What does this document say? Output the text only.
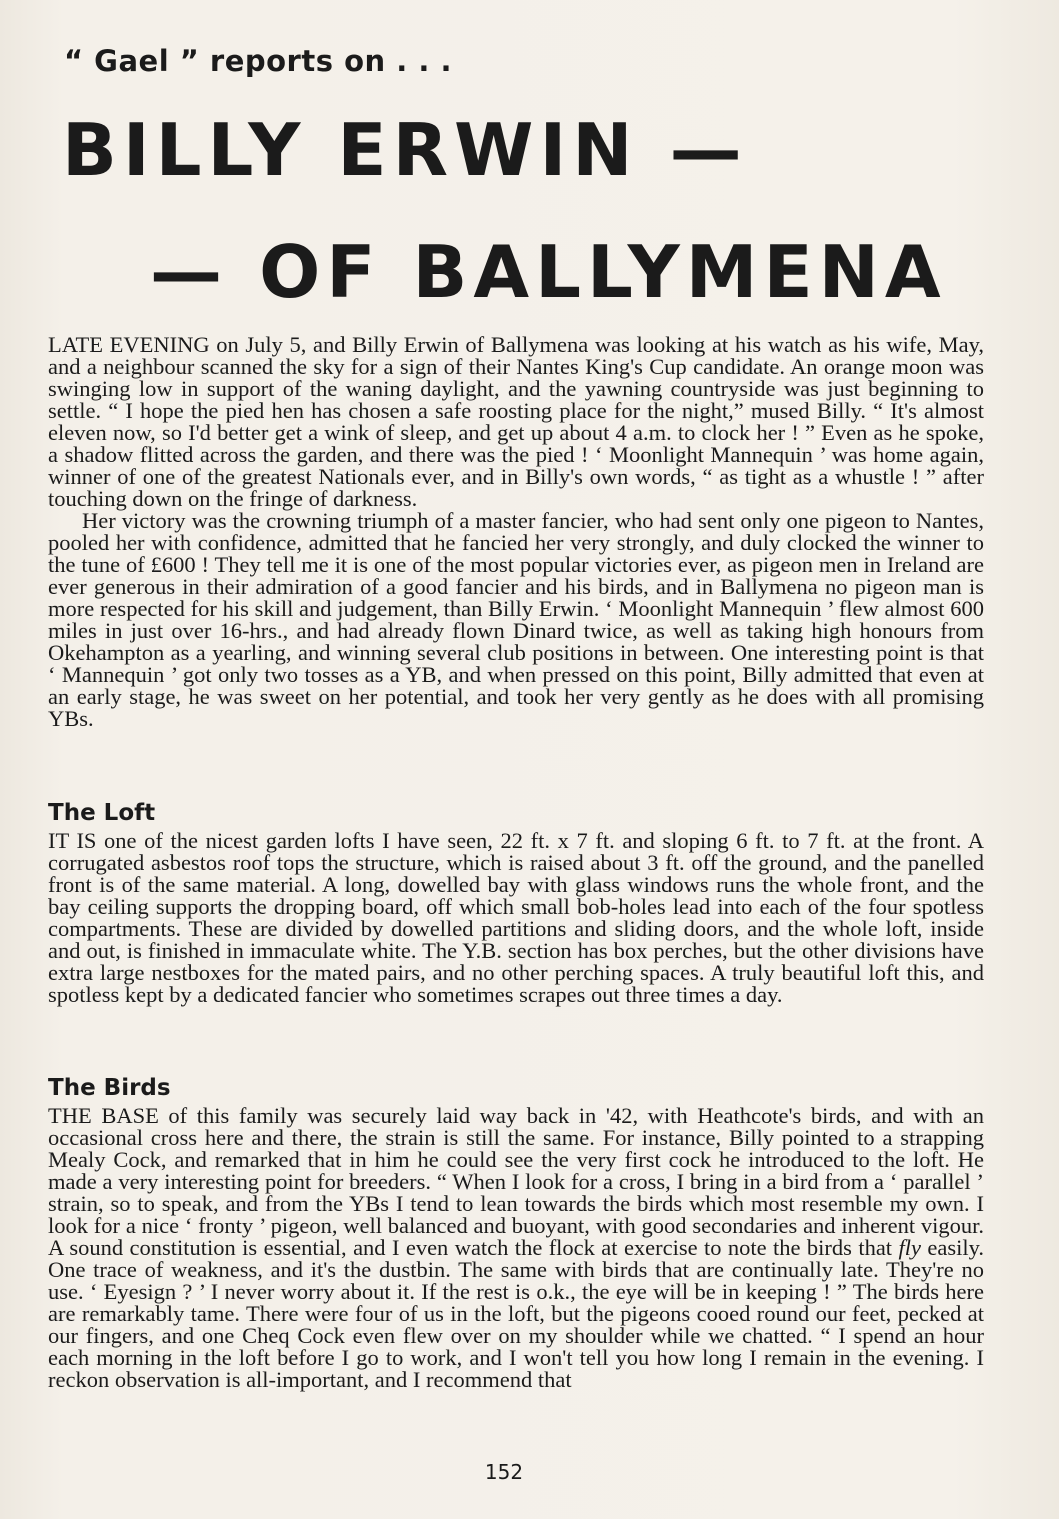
“ Gael ” reports on . . .
BILLY ERWIN —
— OF BALLYMENA

LATE EVENING on July 5, and Billy Erwin of Ballymena was looking at his watch as his wife, May, and a neighbour scanned the sky for a sign of their Nantes King's Cup candidate. An orange moon was swinging low in support of the waning daylight, and the yawning countryside was just beginning to settle. “ I hope the pied hen has chosen a safe roosting place for the night,” mused Billy. “ It's almost eleven now, so I'd better get a wink of sleep, and get up about 4 a.m. to clock her ! ” Even as he spoke, a shadow flitted across the garden, and there was the pied ! ‘ Moonlight Mannequin ’ was home again, winner of one of the greatest Nationals ever, and in Billy's own words, “ as tight as a whustle ! ” after touching down on the fringe of darkness.

Her victory was the crowning triumph of a master fancier, who had sent only one pigeon to Nantes, pooled her with confidence, admitted that he fancied her very strongly, and duly clocked the winner to the tune of £600 ! They tell me it is one of the most popular victories ever, as pigeon men in Ireland are ever generous in their admiration of a good fancier and his birds, and in Ballymena no pigeon man is more respected for his skill and judgement, than Billy Erwin. ‘ Moonlight Mannequin ’ flew almost 600 miles in just over 16-hrs., and had already flown Dinard twice, as well as taking high honours from Okehampton as a yearling, and winning several club positions in between. One interesting point is that ‘ Mannequin ’ got only two tosses as a YB, and when pressed on this point, Billy admitted that even at an early stage, he was sweet on her potential, and took her very gently as he does with all promising YBs.

The Loft

IT IS one of the nicest garden lofts I have seen, 22 ft. x 7 ft. and sloping 6 ft. to 7 ft. at the front. A corrugated asbestos roof tops the structure, which is raised about 3 ft. off the ground, and the panelled front is of the same material. A long, dowelled bay with glass windows runs the whole front, and the bay ceiling supports the dropping board, off which small bob-holes lead into each of the four spotless compartments. These are divided by dowelled partitions and sliding doors, and the whole loft, inside and out, is finished in immaculate white. The Y.B. section has box perches, but the other divisions have extra large nestboxes for the mated pairs, and no other perching spaces. A truly beautiful loft this, and spotless kept by a dedicated fancier who sometimes scrapes out three times a day.

The Birds

THE BASE of this family was securely laid way back in '42, with Heathcote's birds, and with an occasional cross here and there, the strain is still the same. For instance, Billy pointed to a strapping Mealy Cock, and remarked that in him he could see the very first cock he introduced to the loft. He made a very interesting point for breeders. “ When I look for a cross, I bring in a bird from a ‘ parallel ’ strain, so to speak, and from the YBs I tend to lean towards the birds which most resemble my own. I look for a nice ‘ fronty ’ pigeon, well balanced and buoyant, with good secondaries and inherent vigour. A sound constitution is essential, and I even watch the flock at exercise to note the birds that fly easily. One trace of weakness, and it's the dustbin. The same with birds that are continually late. They're no use. ‘ Eyesign ? ’ I never worry about it. If the rest is o.k., the eye will be in keeping ! ” The birds here are remarkably tame. There were four of us in the loft, but the pigeons cooed round our feet, pecked at our fingers, and one Cheq Cock even flew over on my shoulder while we chatted. “ I spend an hour each morning in the loft before I go to work, and I won't tell you how long I remain in the evening. I reckon observation is all-important, and I recommend that

152
